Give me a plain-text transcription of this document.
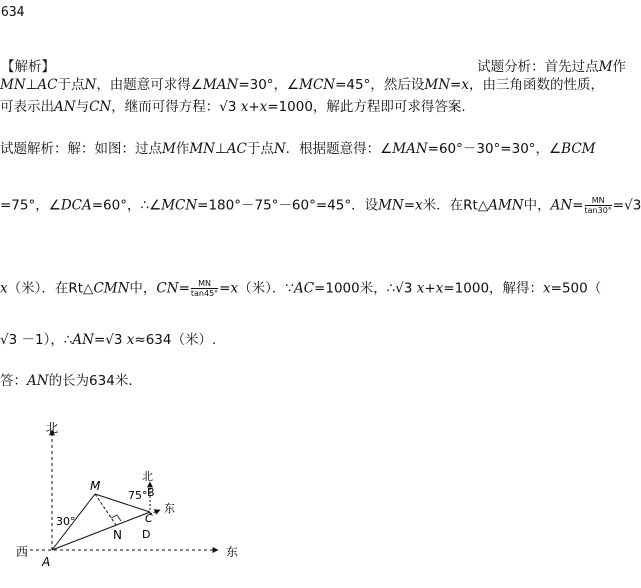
634
【解析】	试题分析：首先过点M作
MN⊥AC于点N，由题意可求得∠MAN=30°，∠MCN=45°，然后设MN=x，由三角函数的性质，
可表示出AN与CN，继而可得方程：√3 x+x=1000，解此方程即可求得答案.
试题解析：解：如图：过点M作MN⊥AC于点N．根据题意得：∠MAN=60°－30°=30°，∠BCM
=75°，∠DCA=60°，∴∠MCN=180°－75°－60°=45°．设MN=x米．在Rt△AMN中，$AN= \frac{MN}{\tan 30^\circ} =√3$
x（米）．在Rt△CMN中，$CN= \frac{MN}{\tan 45^\circ} =x$（米）．∵AC=1000米，∴√3 x+x=1000，解得：x=500（
√3 －1），∴AN=√3 x≈634（米）.
答：AN的长为634米.
北
西	东
A
M
N
北
B
C
D
东
30°
75°
